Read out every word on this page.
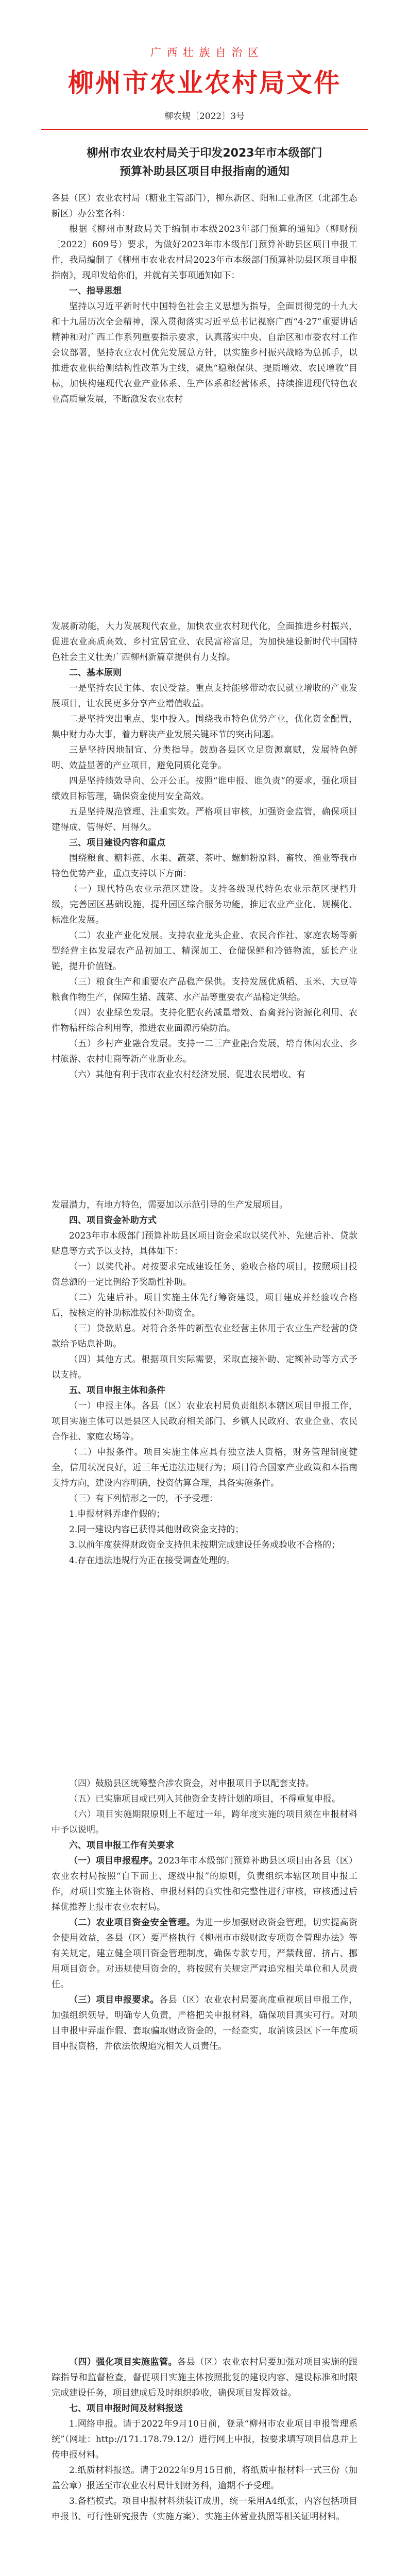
广西壮族自治区
柳州市农业农村局文件
柳农规〔2022〕3号
柳州市农业农村局关于印发2023年市本级部门
预算补助县区项目申报指南的通知

各县（区）农业农村局（糖业主管部门），柳东新区、阳和工业新区（北部生态新区）办公室各科：

根据《柳州市财政局关于编制市本级2023年部门预算的通知》（柳财预〔2022〕609号）要求，为做好2023年市本级部门预算补助县区项目申报工作，我局编制了《柳州市农业农村局2023年市本级部门预算补助县区项目申报指南》，现印发给你们，并就有关事项通知如下：

一、指导思想

坚持以习近平新时代中国特色社会主义思想为指导，全面贯彻党的十九大和十九届历次全会精神，深入贯彻落实习近平总书记视察广西“4·27”重要讲话精神和对广西工作系列重要指示要求，认真落实中央、自治区和市委农村工作会议部署，坚持农业农村优先发展总方针，以实施乡村振兴战略为总抓手，以推进农业供给侧结构性改革为主线，聚焦“稳粮保供、提质增效、农民增收”目标，加快构建现代农业产业体系、生产体系和经营体系，持续推进现代特色农业高质量发展，不断激发农业农村

发展新动能，大力发展现代农业，加快农业农村现代化，全面推进乡村振兴，促进农业高质高效、乡村宜居宜业、农民富裕富足，为加快建设新时代中国特色社会主义壮美广西柳州新篇章提供有力支撑。

二、基本原则

一是坚持农民主体、农民受益。重点支持能够带动农民就业增收的产业发展项目，让农民更多分享产业增值收益。

二是坚持突出重点、集中投入。围绕我市特色优势产业，优化资金配置，集中财力办大事，着力解决产业发展关键环节的突出问题。

三是坚持因地制宜、分类指导。鼓励各县区立足资源禀赋，发展特色鲜明、效益显著的产业项目，避免同质化竞争。

四是坚持绩效导向、公开公正。按照“谁申报、谁负责”的要求，强化项目绩效目标管理，确保资金使用安全高效。

五是坚持规范管理、注重实效。严格项目审核，加强资金监管，确保项目建得成、管得好、用得久。

三、项目建设内容和重点

围绕粮食、糖料蔗、水果、蔬菜、茶叶、螺蛳粉原料、畜牧、渔业等我市特色优势产业，重点支持以下方面：

（一）现代特色农业示范区建设。支持各级现代特色农业示范区提档升级，完善园区基础设施，提升园区综合服务功能，推进农业产业化、规模化、标准化发展。

（二）农业产业化发展。支持农业龙头企业、农民合作社、家庭农场等新型经营主体发展农产品初加工、精深加工、仓储保鲜和冷链物流，延长产业链，提升价值链。

（三）粮食生产和重要农产品稳产保供。支持发展优质稻、玉米、大豆等粮食作物生产，保障生猪、蔬菜、水产品等重要农产品稳定供给。

（四）农业绿色发展。支持化肥农药减量增效、畜禽粪污资源化利用、农作物秸秆综合利用等，推进农业面源污染防治。

（五）乡村产业融合发展。支持一二三产业融合发展，培育休闲农业、乡村旅游、农村电商等新产业新业态。

（六）其他有利于我市农业农村经济发展、促进农民增收、有

发展潜力，有地方特色，需要加以示范引导的生产发展项目。

四、项目资金补助方式

2023年市本级部门预算补助县区项目资金采取以奖代补、先建后补、贷款贴息等方式予以支持，具体如下：

（一）以奖代补。对按要求完成建设任务、验收合格的项目，按照项目投资总额的一定比例给予奖励性补助。

（二）先建后补。项目实施主体先行筹资建设，项目建成并经验收合格后，按核定的补助标准拨付补助资金。

（三）贷款贴息。对符合条件的新型农业经营主体用于农业生产经营的贷款给予贴息补助。

（四）其他方式。根据项目实际需要，采取直接补助、定额补助等方式予以支持。

五、项目申报主体和条件

（一）申报主体。各县（区）农业农村局负责组织本辖区项目申报工作，项目实施主体可以是县区人民政府相关部门、乡镇人民政府、农业企业、农民合作社、家庭农场等。

（二）申报条件。项目实施主体应具有独立法人资格，财务管理制度健全，信用状况良好，近三年无违法违规行为；项目符合国家产业政策和本指南支持方向，建设内容明确，投资估算合理，具备实施条件。

（三）有下列情形之一的，不予受理：

1.申报材料弄虚作假的；

2.同一建设内容已获得其他财政资金支持的；

3.以前年度获得财政资金支持但未按期完成建设任务或验收不合格的；

4.存在违法违规行为正在接受调查处理的。

（四）鼓励县区统筹整合涉农资金，对申报项目予以配套支持。

（五）已实施项目或已列入其他资金支持计划的项目，不得重复申报。

（六）项目实施期限原则上不超过一年，跨年度实施的项目须在申报材料中予以说明。

六、项目申报工作有关要求

（一）项目申报程序。2023年市本级部门预算补助县区项目由各县（区）农业农村局按照“自下而上、逐级申报”的原则，负责组织本辖区项目申报工作，对项目实施主体资格、申报材料的真实性和完整性进行审核，审核通过后择优推荐上报市农业农村局。

（二）农业项目资金安全管理。为进一步加强财政资金管理，切实提高资金使用效益，各县（区）要严格执行《柳州市市级财政专项资金管理办法》等有关规定，建立健全项目资金管理制度，确保专款专用，严禁截留、挤占、挪用项目资金。对违规使用资金的，将按照有关规定严肃追究相关单位和人员责任。

（三）项目申报要求。各县（区）农业农村局要高度重视项目申报工作，加强组织领导，明确专人负责，严格把关申报材料，确保项目真实可行。对项目申报中弄虚作假、套取骗取财政资金的，一经查实，取消该县区下一年度项目申报资格，并依法依规追究相关人员责任。

（四）强化项目实施监管。各县（区）农业农村局要加强对项目实施的跟踪指导和监督检查，督促项目实施主体按照批复的建设内容、建设标准和时限完成建设任务，项目建成后及时组织验收，确保项目发挥效益。

七、项目申报时间及材料报送

1.网络申报。请于2022年9月10日前，登录“柳州市农业项目申报管理系统”（网址：http://171.178.79.12/）进行网上申报，按要求填写项目信息并上传申报材料。

2.纸质材料报送。请于2022年9月15日前，将纸质申报材料一式三份（加盖公章）报送至市农业农村局计划财务科，逾期不予受理。

3.备档模式。项目申报材料须装订成册，统一采用A4纸张，内容包括项目申报书、可行性研究报告（实施方案）、实施主体营业执照等相关证明材料。
